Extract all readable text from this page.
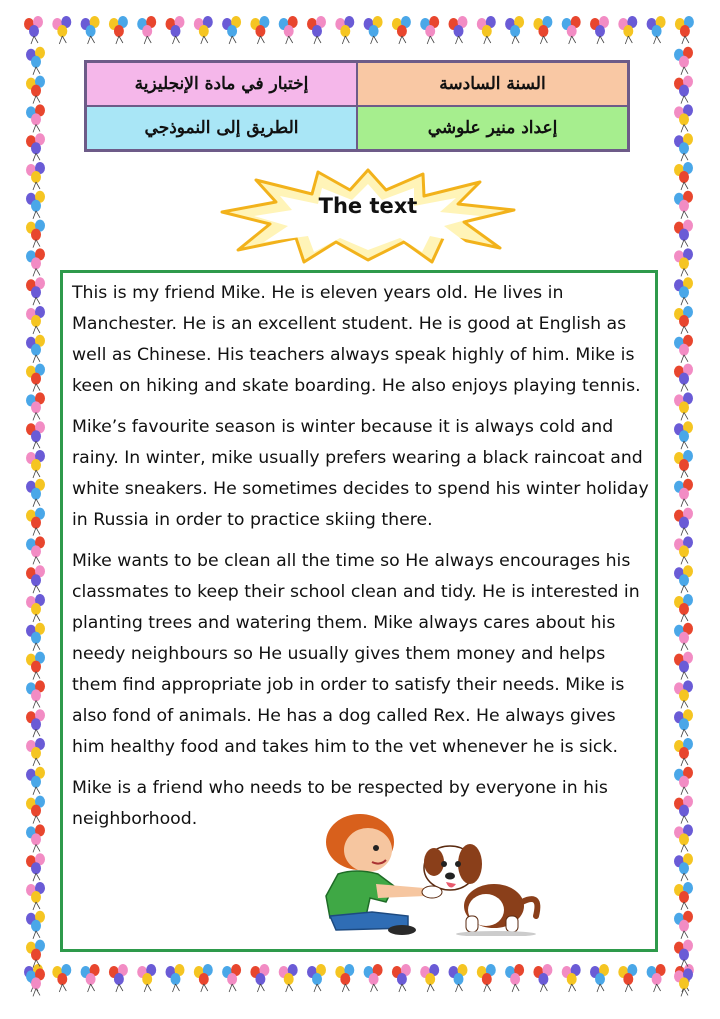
السنة السادسة
إختبار في مادة الإنجليزية
إعداد منير علوشي
الطريق إلى النموذجي
The text

This is my friend Mike. He is eleven years old. He lives in Manchester. He is an excellent student. He is good at English as well as Chinese. His teachers always speak highly of him. Mike is keen on hiking and skate boarding. He also enjoys playing tennis.

Mike’s favourite season is winter because it is always cold and rainy. In winter, mike usually prefers wearing a black raincoat and white sneakers. He sometimes decides to spend his winter holiday in Russia in order to practice skiing there.

Mike wants to be clean all the time so He always encourages his classmates to keep their school clean and tidy. He is interested in planting trees and watering them. Mike always cares about his needy neighbours so He usually gives them money and helps them find appropriate job in order to satisfy their needs. Mike is also fond of animals. He has a dog called Rex. He always gives him healthy food and takes him to the vet whenever he is sick.

Mike is a friend who needs to be respected by everyone in his neighborhood.
